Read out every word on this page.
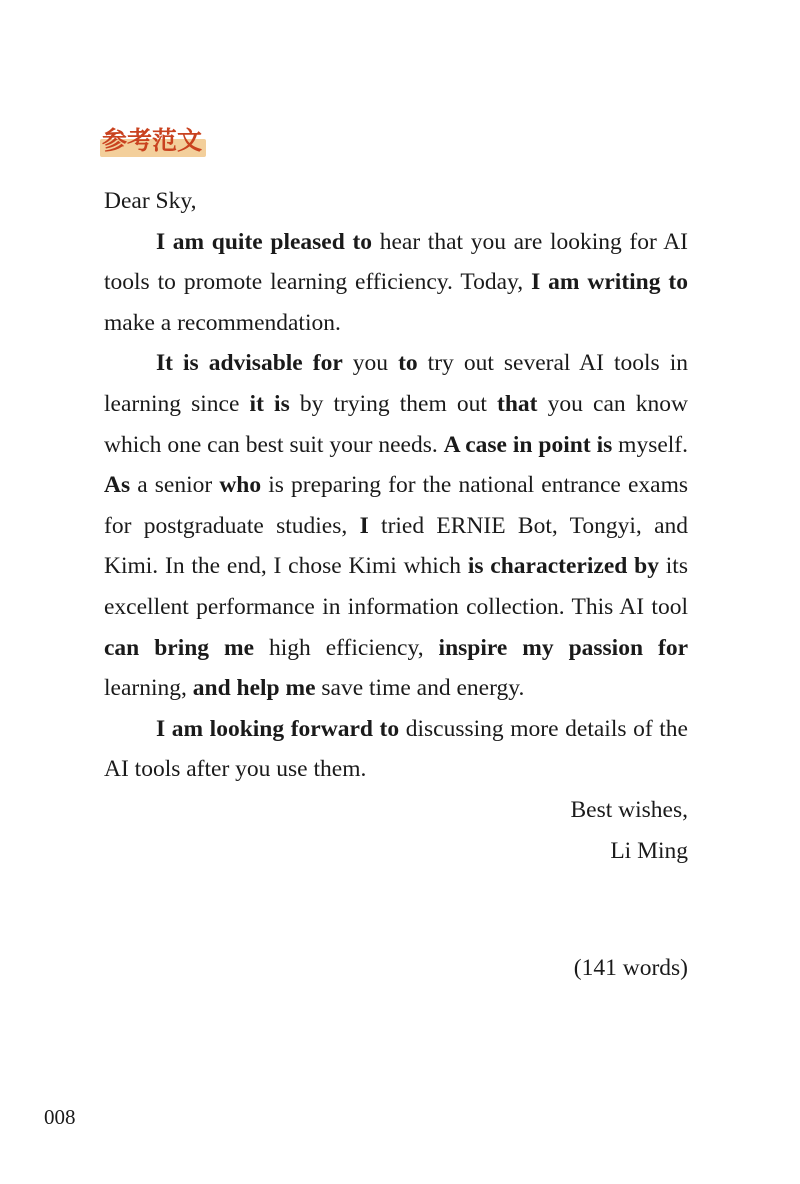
参考范文

Dear Sky,

I am quite pleased to hear that you are looking for AI tools to promote learning efficiency. Today, I am writing to make a recommendation.

It is advisable for you to try out several AI tools in learning since it is by trying them out that you can know which one can best suit your needs. A case in point is myself. As a senior who is preparing for the national entrance exams for postgraduate studies, I tried ERNIE Bot, Tongyi, and Kimi. In the end, I chose Kimi which is characterized by its excellent performance in information collection. This AI tool can bring me high efficiency, inspire my passion for learning, and help me save time and energy.

I am looking forward to discussing more details of the AI tools after you use them.

Best wishes,

Li Ming

(141 words)
008
